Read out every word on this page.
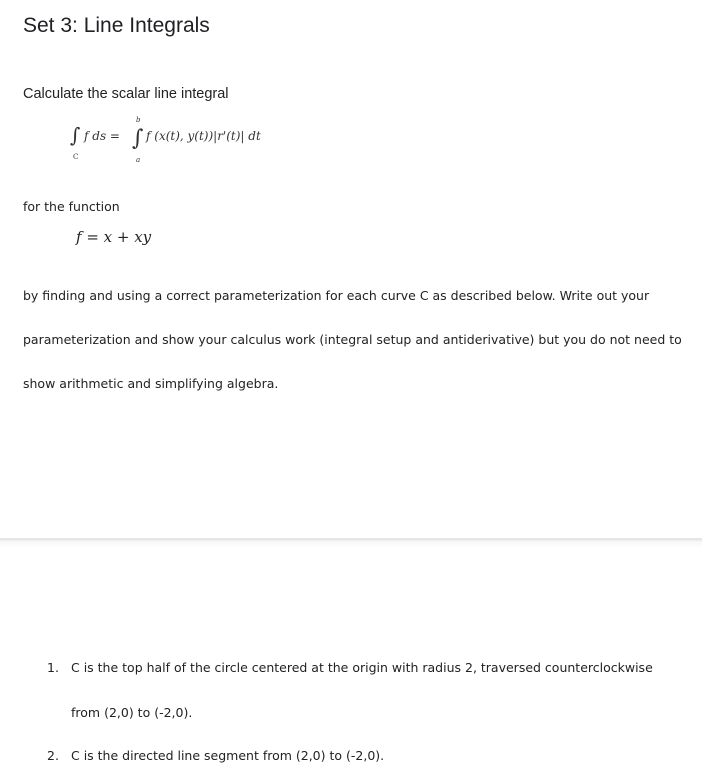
Set 3: Line Integrals
Calculate the scalar line integral
∫
C
f ds = ∫
b
a
f (x(t), y(t))|r'(t)| dt
for the function
f = x + xy
by finding and using a correct parameterization for each curve C as described below. Write out your
parameterization and show your calculus work (integral setup and antiderivative) but you do not need to
show arithmetic and simplifying algebra.
1. C is the top half of the circle centered at the origin with radius 2, traversed counterclockwise
from (2,0) to (-2,0).
2. C is the directed line segment from (2,0) to (-2,0).
